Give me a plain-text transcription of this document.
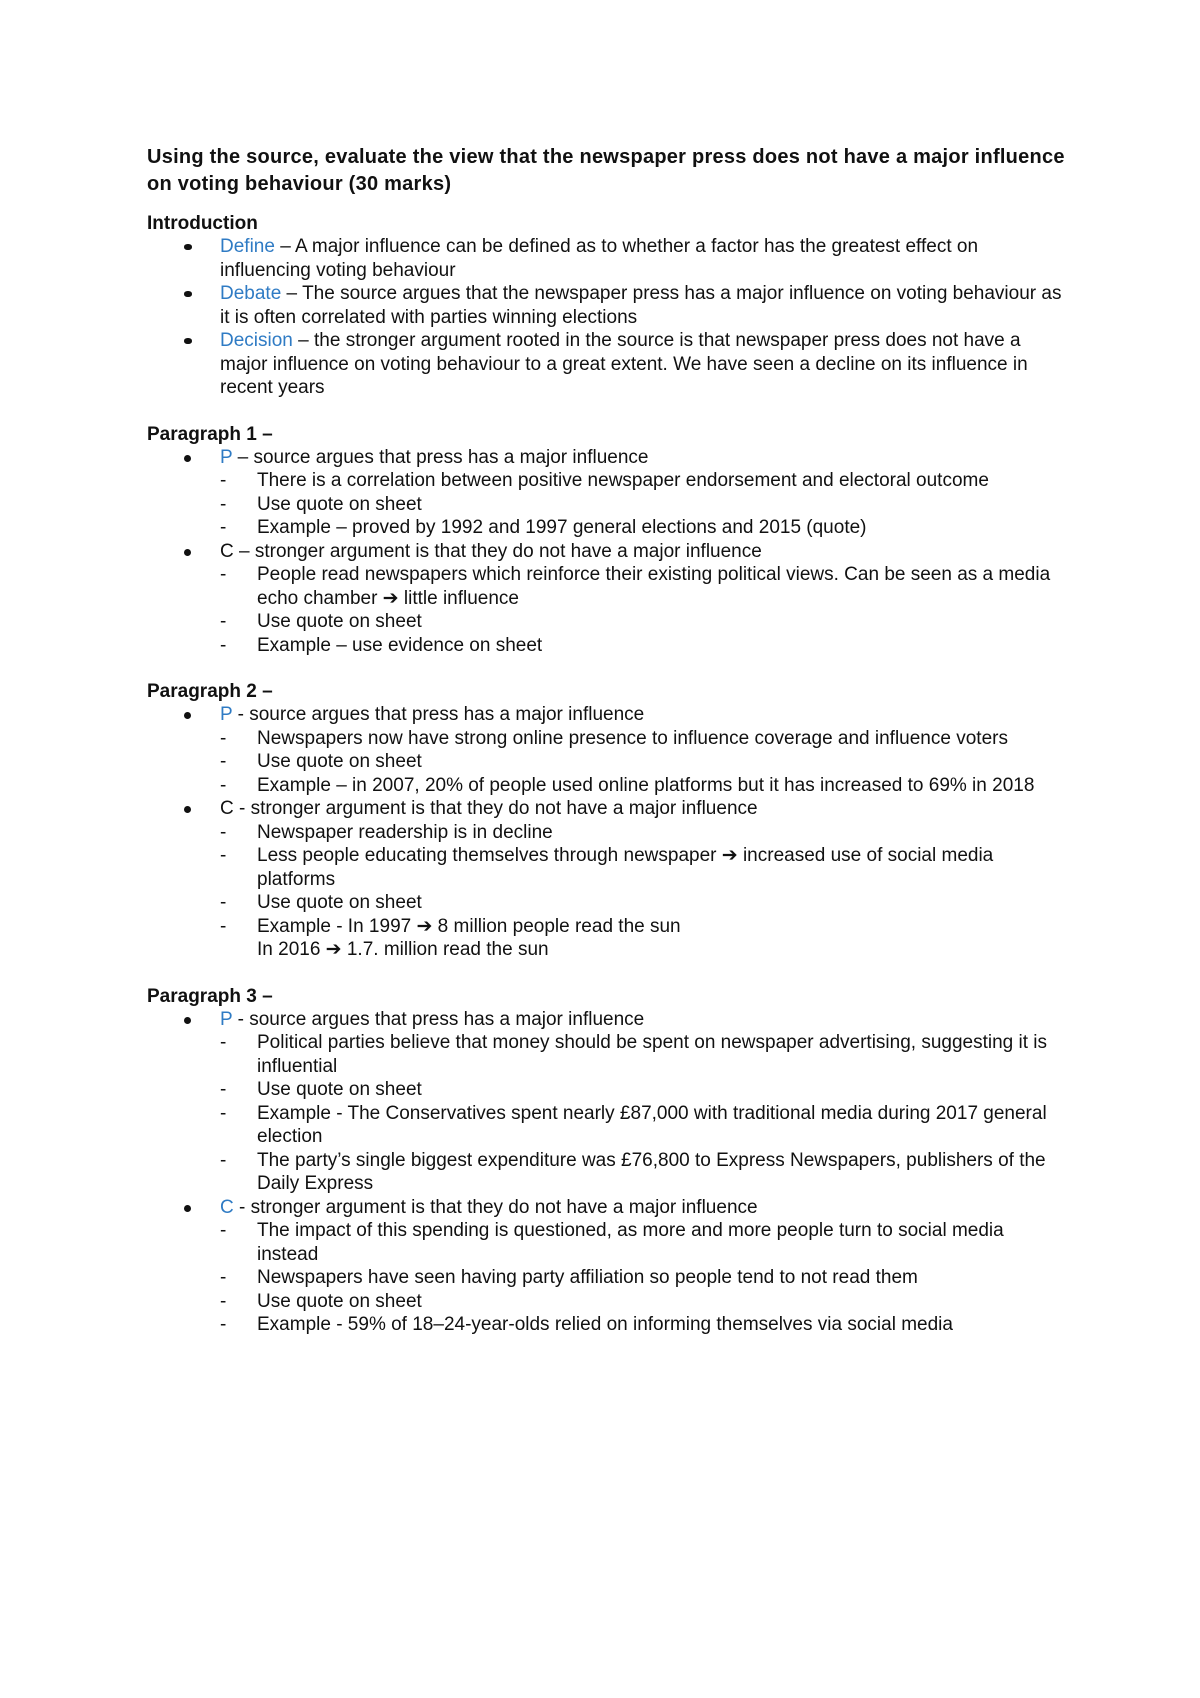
Using the source, evaluate the view that the newspaper press does not have a major influence on voting behaviour (30 marks)
Introduction
Define – A major influence can be defined as to whether a factor has the greatest effect on influencing voting behaviour
Debate – The source argues that the newspaper press has a major influence on voting behaviour as it is often correlated with parties winning elections
Decision – the stronger argument rooted in the source is that newspaper press does not have a major influence on voting behaviour to a great extent. We have seen a decline on its influence in recent years
Paragraph 1 –
P – source argues that press has a major influence
- There is a correlation between positive newspaper endorsement and electoral outcome
- Use quote on sheet
- Example – proved by 1992 and 1997 general elections and 2015 (quote)
C – stronger argument is that they do not have a major influence
- People read newspapers which reinforce their existing political views. Can be seen as a media echo chamber ➔ little influence
- Use quote on sheet
- Example – use evidence on sheet
Paragraph 2 –
P - source argues that press has a major influence
- Newspapers now have strong online presence to influence coverage and influence voters
- Use quote on sheet
- Example – in 2007, 20% of people used online platforms but it has increased to 69% in 2018
C - stronger argument is that they do not have a major influence
- Newspaper readership is in decline
- Less people educating themselves through newspaper ➔ increased use of social media platforms
- Use quote on sheet
- Example - In 1997 ➔ 8 million people read the sun
In 2016 ➔ 1.7. million read the sun
Paragraph 3 –
P - source argues that press has a major influence
- Political parties believe that money should be spent on newspaper advertising, suggesting it is influential
- Use quote on sheet
- Example - The Conservatives spent nearly £87,000 with traditional media during 2017 general election
- The party’s single biggest expenditure was £76,800 to Express Newspapers, publishers of the Daily Express
C - stronger argument is that they do not have a major influence
- The impact of this spending is questioned, as more and more people turn to social media instead
- Newspapers have seen having party affiliation so people tend to not read them
- Use quote on sheet
- Example - 59% of 18–24-year-olds relied on informing themselves via social media
